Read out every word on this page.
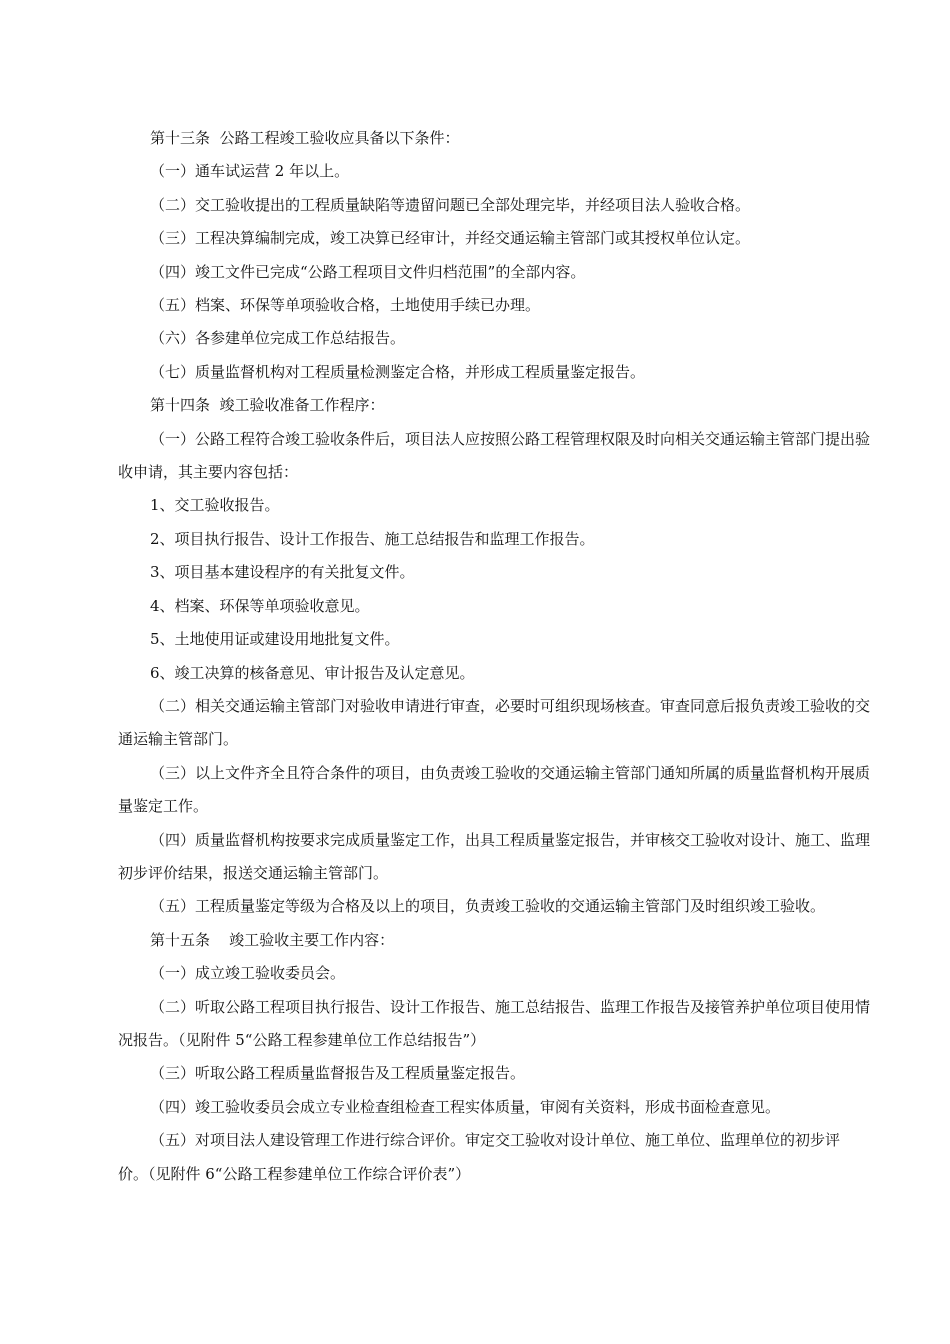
第十三条  公路工程竣工验收应具备以下条件：

（一）通车试运营 2 年以上。

（二）交工验收提出的工程质量缺陷等遗留问题已全部处理完毕，并经项目法人验收合格。

（三）工程决算编制完成，竣工决算已经审计，并经交通运输主管部门或其授权单位认定。

（四）竣工文件已完成“公路工程项目文件归档范围”的全部内容。

（五）档案、环保等单项验收合格，土地使用手续已办理。

（六）各参建单位完成工作总结报告。

（七）质量监督机构对工程质量检测鉴定合格，并形成工程质量鉴定报告。

第十四条  竣工验收准备工作程序：

（一）公路工程符合竣工验收条件后，项目法人应按照公路工程管理权限及时向相关交通运输主管部门提出验收申请，其主要内容包括：

1、交工验收报告。

2、项目执行报告、设计工作报告、施工总结报告和监理工作报告。

3、项目基本建设程序的有关批复文件。

4、档案、环保等单项验收意见。

5、土地使用证或建设用地批复文件。

6、竣工决算的核备意见、审计报告及认定意见。

（二）相关交通运输主管部门对验收申请进行审查，必要时可组织现场核查。审查同意后报负责竣工验收的交通运输主管部门。

（三）以上文件齐全且符合条件的项目，由负责竣工验收的交通运输主管部门通知所属的质量监督机构开展质量鉴定工作。

（四）质量监督机构按要求完成质量鉴定工作，出具工程质量鉴定报告，并审核交工验收对设计、施工、监理初步评价结果，报送交通运输主管部门。

（五）工程质量鉴定等级为合格及以上的项目，负责竣工验收的交通运输主管部门及时组织竣工验收。

第十五条    竣工验收主要工作内容：

（一）成立竣工验收委员会。

（二）听取公路工程项目执行报告、设计工作报告、施工总结报告、监理工作报告及接管养护单位项目使用情况报告。（见附件 5“公路工程参建单位工作总结报告”）

（三）听取公路工程质量监督报告及工程质量鉴定报告。

（四）竣工验收委员会成立专业检查组检查工程实体质量，审阅有关资料，形成书面检查意见。

（五）对项目法人建设管理工作进行综合评价。审定交工验收对设计单位、施工单位、监理单位的初步评价。（见附件 6“公路工程参建单位工作综合评价表”）
